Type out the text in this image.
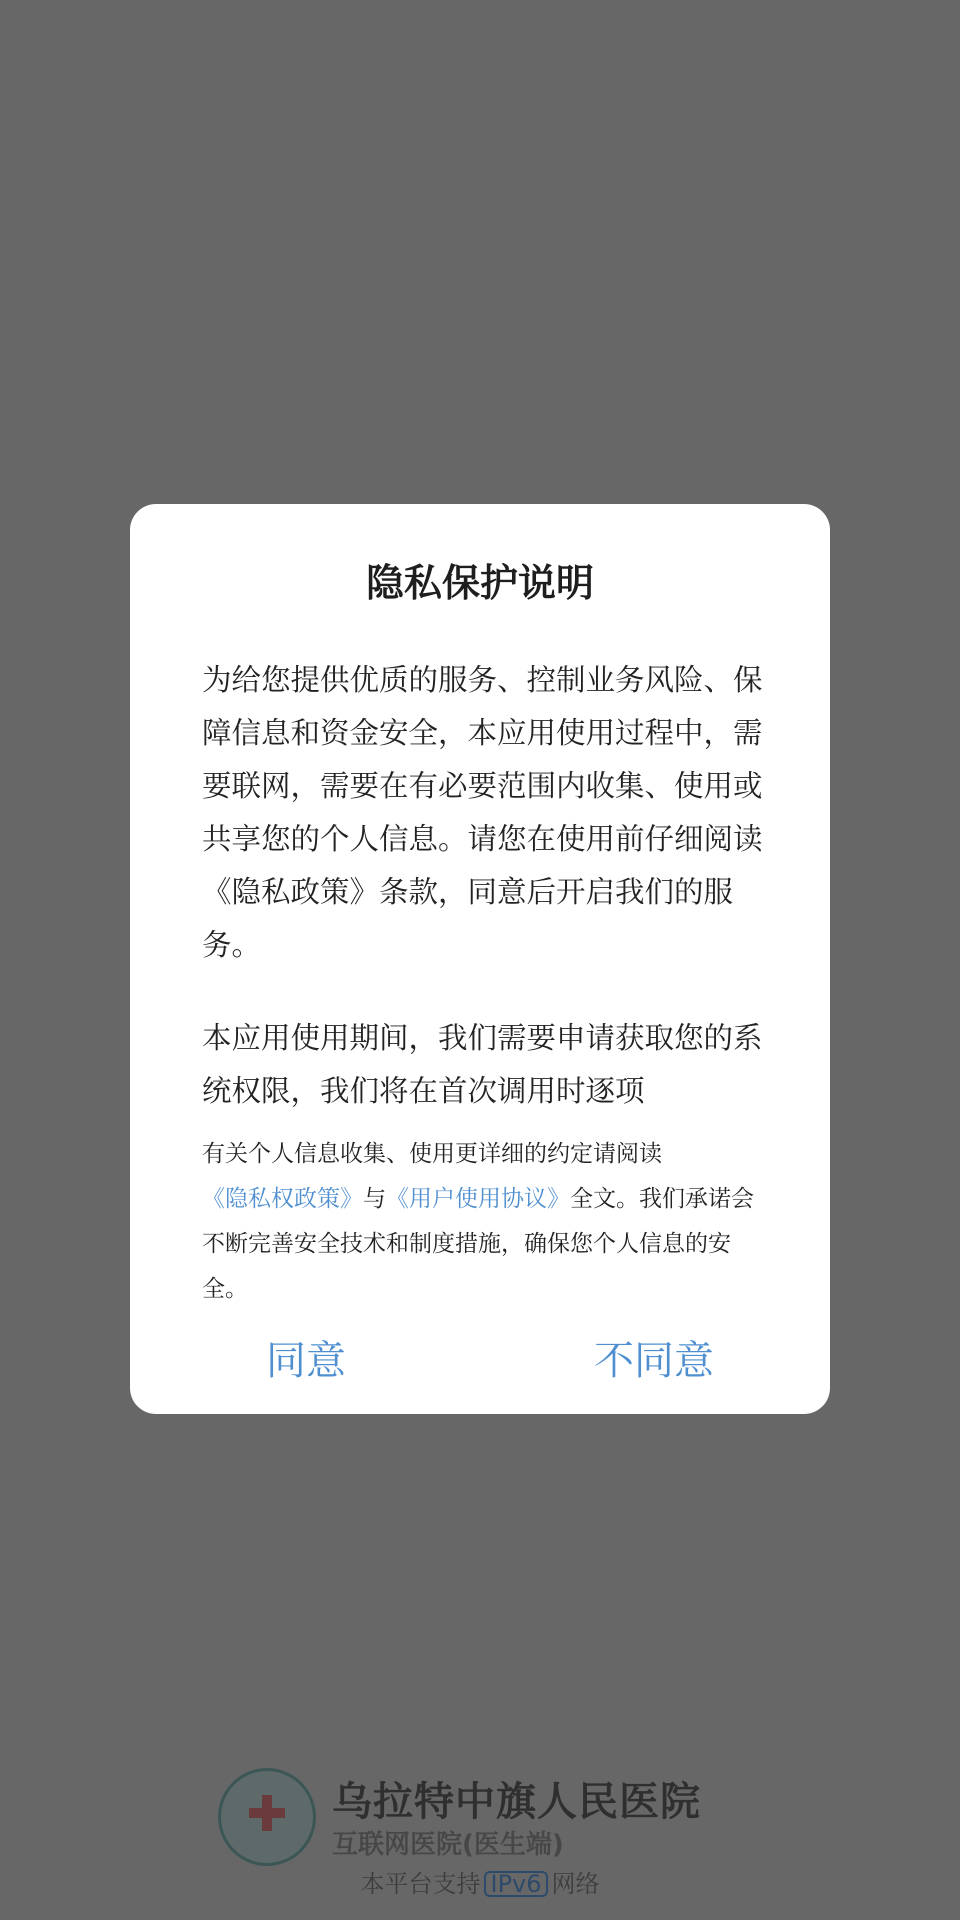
乌拉特中旗人民医院
互联网医院(医生端)
本平台支持 IPv6 网络
隐私保护说明

为给您提供优质的服务、控制业务风险、保障信息和资金安全，本应用使用过程中，需要联网，需要在有必要范围内收集、使用或共享您的个人信息。请您在使用前仔细阅读《隐私政策》条款，同意后开启我们的服务。

本应用使用期间，我们需要申请获取您的系统权限，我们将在首次调用时逐项

有关个人信息收集、使用更详细的约定请阅读
《隐私权政策》与《用户使用协议》全文。我们承诺会不断完善安全技术和制度措施，确保您个人信息的安全。
同意	不同意
